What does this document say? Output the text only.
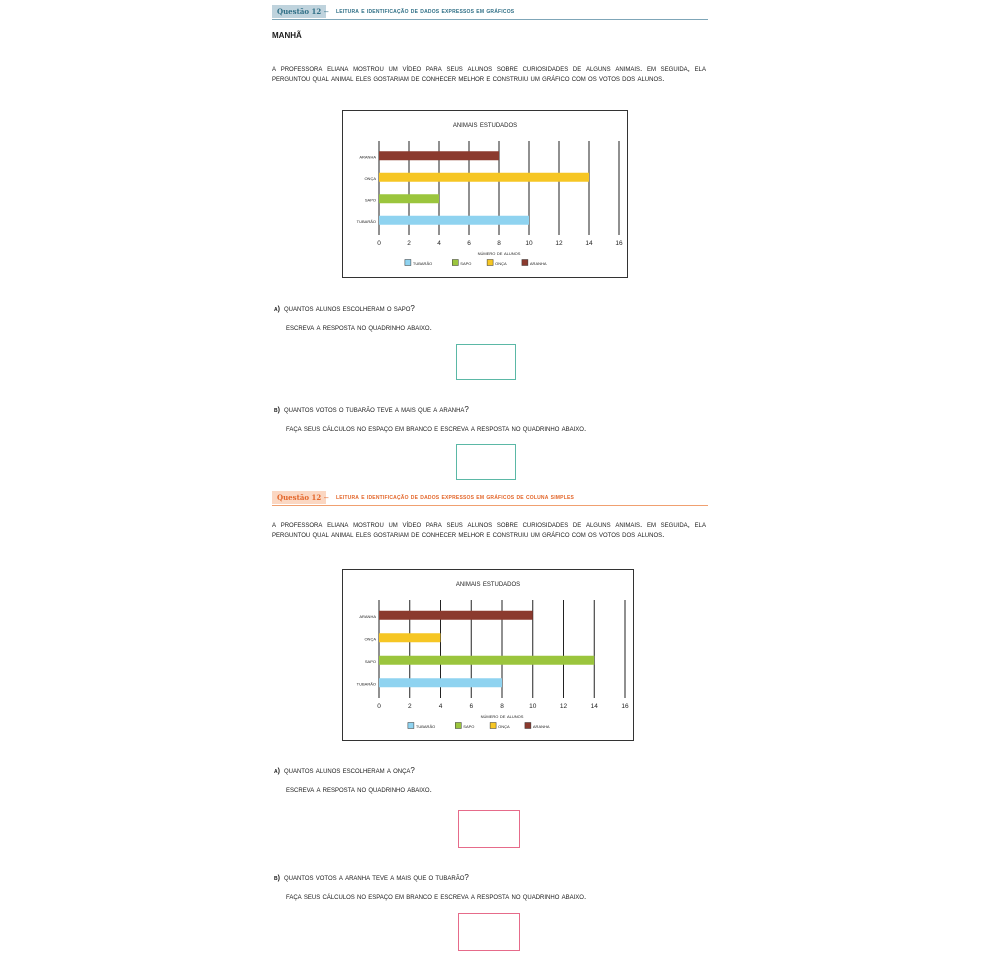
Questão 12 – leitura e identificação de dados expressos em gráficos
MANHÃ
a professora eliana mostrou um vídeo para seus alunos sobre curiosidades de alguns animais. em seguida, ela perguntou qual animal eles gostariam de conhecer melhor e construiu um gráfico com os votos dos alunos.
animais estudados
0	2	4	6	8	10	12	14	16
aranha
onça
sapo
tubarão
número de alunos
tubarão	sapo	onça	aranha
a) quantos alunos escolheram o sapo?
escreva a resposta no quadrinho abaixo.
b) quantos votos o tubarão teve a mais que a aranha?
faça seus cálculos no espaço em branco e escreva a resposta no quadrinho abaixo.
Questão 12 – leitura e identificação de dados expressos em gráficos de coluna simples
a professora eliana mostrou um vídeo para seus alunos sobre curiosidades de alguns animais. em seguida, ela perguntou qual animal eles gostariam de conhecer melhor e construiu um gráfico com os votos dos alunos.
animais estudados
0	2	4	6	8	10	12	14	16
aranha
onça
sapo
tubarão
número de alunos
tubarão	sapo	onça	aranha
a) quantos alunos escolheram a onça?
escreva a resposta no quadrinho abaixo.
b) quantos votos a aranha teve a mais que o tubarão?
faça seus cálculos no espaço em branco e escreva a resposta no quadrinho abaixo.
